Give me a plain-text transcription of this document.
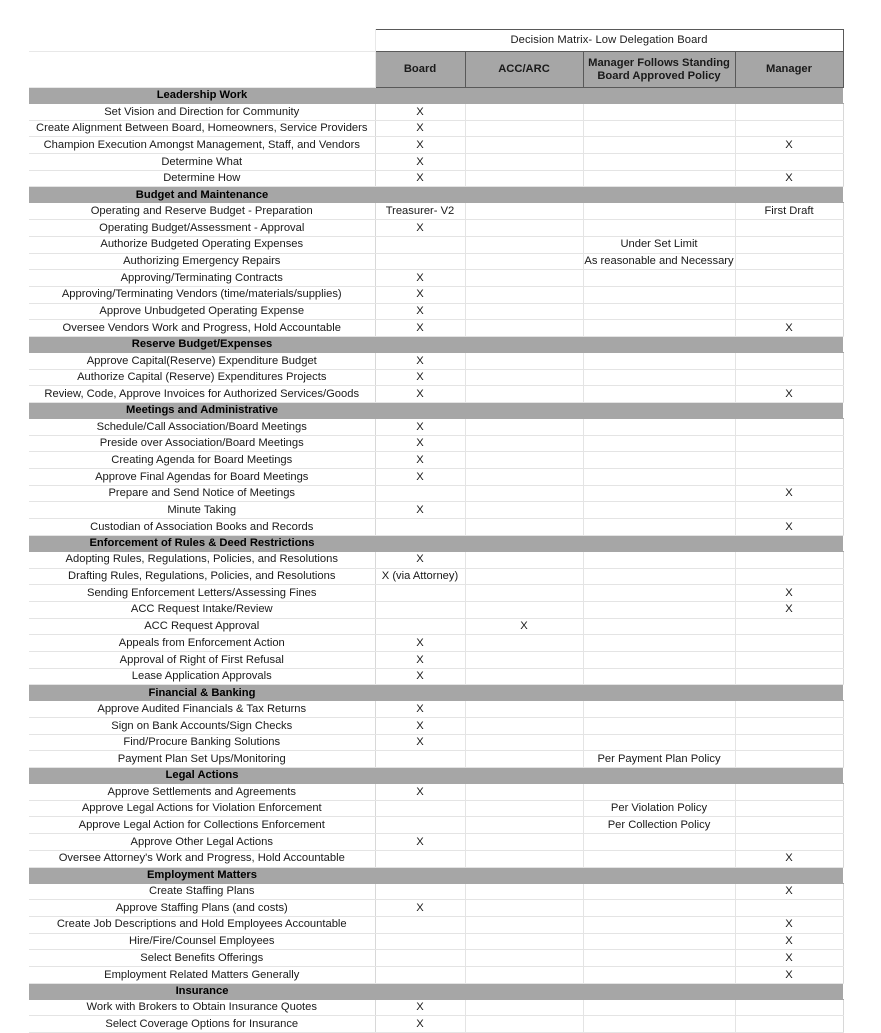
	Decision Matrix- Low Delegation Board			
	Board	ACC/ARC	Manager Follows Standing Board Approved Policy	Manager
Leadership Work				
Set Vision and Direction for Community	X			
Create Alignment Between Board, Homeowners, Service Providers	X			
Champion Execution Amongst Management, Staff, and Vendors	X			X
Determine What	X			
Determine How	X			X
Budget and Maintenance				
Operating and Reserve Budget - Preparation	Treasurer- V2			First Draft
Operating Budget/Assessment - Approval	X			
Authorize Budgeted Operating Expenses			Under Set Limit	
Authorizing Emergency Repairs			As reasonable and Necessary	
Approving/Terminating Contracts	X			
Approving/Terminating Vendors (time/materials/supplies)	X			
Approve Unbudgeted Operating Expense	X			
Oversee Vendors Work and Progress, Hold Accountable	X			X
Reserve Budget/Expenses				
Approve Capital(Reserve) Expenditure Budget	X			
Authorize Capital (Reserve) Expenditures Projects	X			
Review, Code, Approve Invoices for Authorized Services/Goods	X			X
Meetings and Administrative				
Schedule/Call Association/Board Meetings	X			
Preside over Association/Board Meetings	X			
Creating Agenda for Board Meetings	X			
Approve Final Agendas for Board Meetings	X			
Prepare and Send Notice of Meetings				X
Minute Taking	X			
Custodian of Association Books and Records				X
Enforcement of Rules & Deed Restrictions				
Adopting Rules, Regulations, Policies, and Resolutions	X			
Drafting Rules, Regulations, Policies, and Resolutions	X (via Attorney)			
Sending Enforcement Letters/Assessing Fines				X
ACC Request Intake/Review				X
ACC Request Approval		X		
Appeals from Enforcement Action	X			
Approval of Right of First Refusal	X			
Lease Application Approvals	X			
Financial & Banking				
Approve Audited Financials & Tax Returns	X			
Sign on Bank Accounts/Sign Checks	X			
Find/Procure Banking Solutions	X			
Payment Plan Set Ups/Monitoring			Per Payment Plan Policy	
Legal Actions				
Approve Settlements and Agreements	X			
Approve Legal Actions for Violation Enforcement			Per Violation Policy	
Approve Legal Action for Collections Enforcement			Per Collection Policy	
Approve Other Legal Actions	X			
Oversee Attorney's Work and Progress, Hold Accountable				X
Employment Matters				
Create Staffing Plans				X
Approve Staffing Plans (and costs)	X			
Create Job Descriptions and Hold Employees Accountable				X
Hire/Fire/Counsel Employees				X
Select Benefits Offerings				X
Employment Related Matters Generally				X
Insurance				
Work with Brokers to Obtain Insurance Quotes	X			
Select Coverage Options for Insurance	X			
